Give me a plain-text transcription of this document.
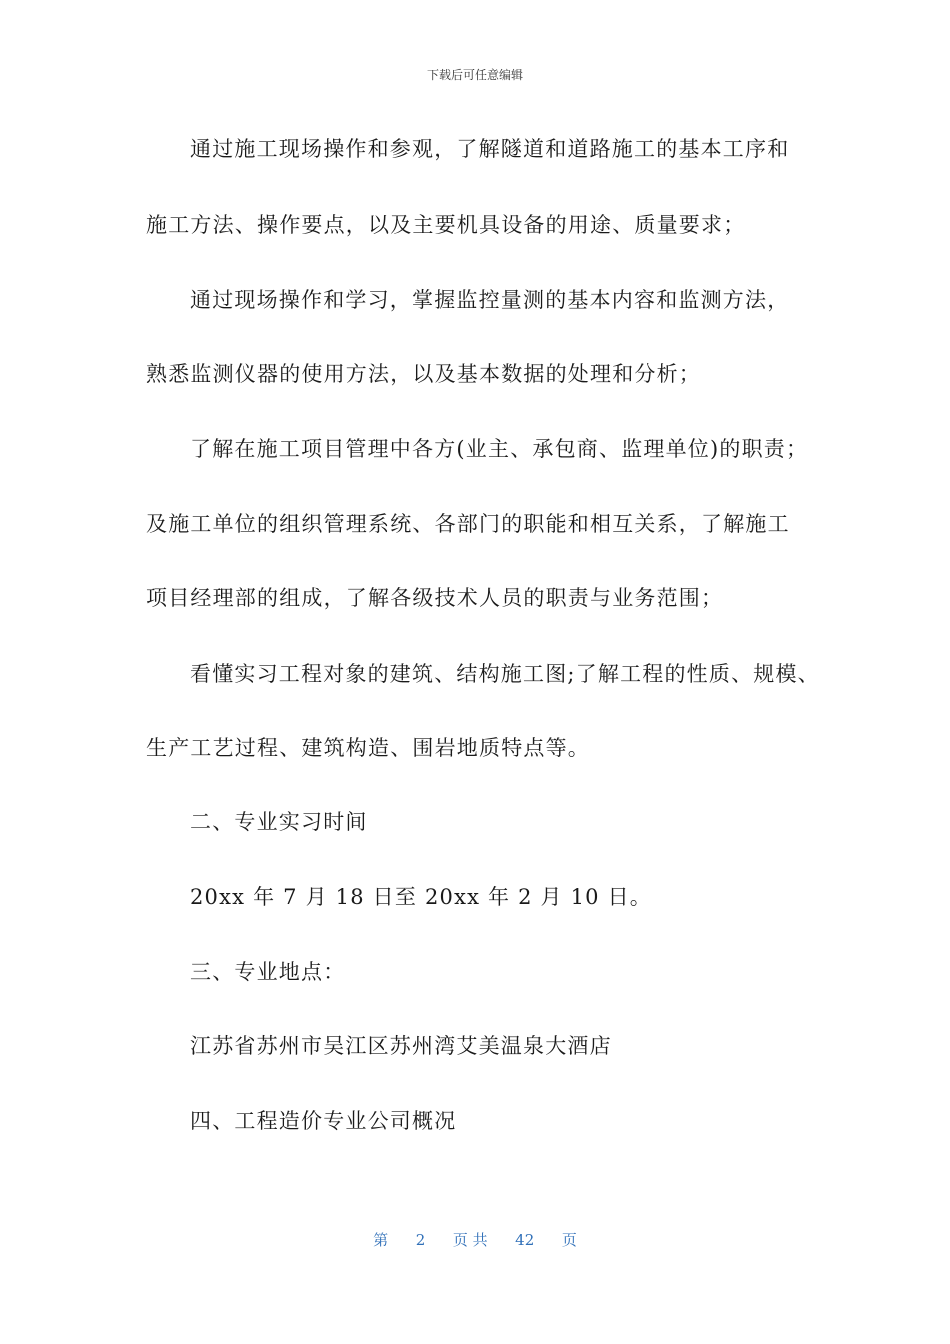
下载后可任意编辑
通过施工现场操作和参观，了解隧道和道路施工的基本工序和
施工方法、操作要点，以及主要机具设备的用途、质量要求；
通过现场操作和学习，掌握监控量测的基本内容和监测方法，
熟悉监测仪器的使用方法，以及基本数据的处理和分析；
了解在施工项目管理中各方(业主、承包商、监理单位)的职责；
及施工单位的组织管理系统、各部门的职能和相互关系，了解施工
项目经理部的组成，了解各级技术人员的职责与业务范围；
看懂实习工程对象的建筑、结构施工图;了解工程的性质、规模、
生产工艺过程、建筑构造、围岩地质特点等。
二、专业实习时间
20xx 年 7 月 18 日至 20xx 年 2 月 10 日。
三、专业地点：
江苏省苏州市吴江区苏州湾艾美温泉大酒店
四、工程造价专业公司概况
第 2 页 共 42 页
